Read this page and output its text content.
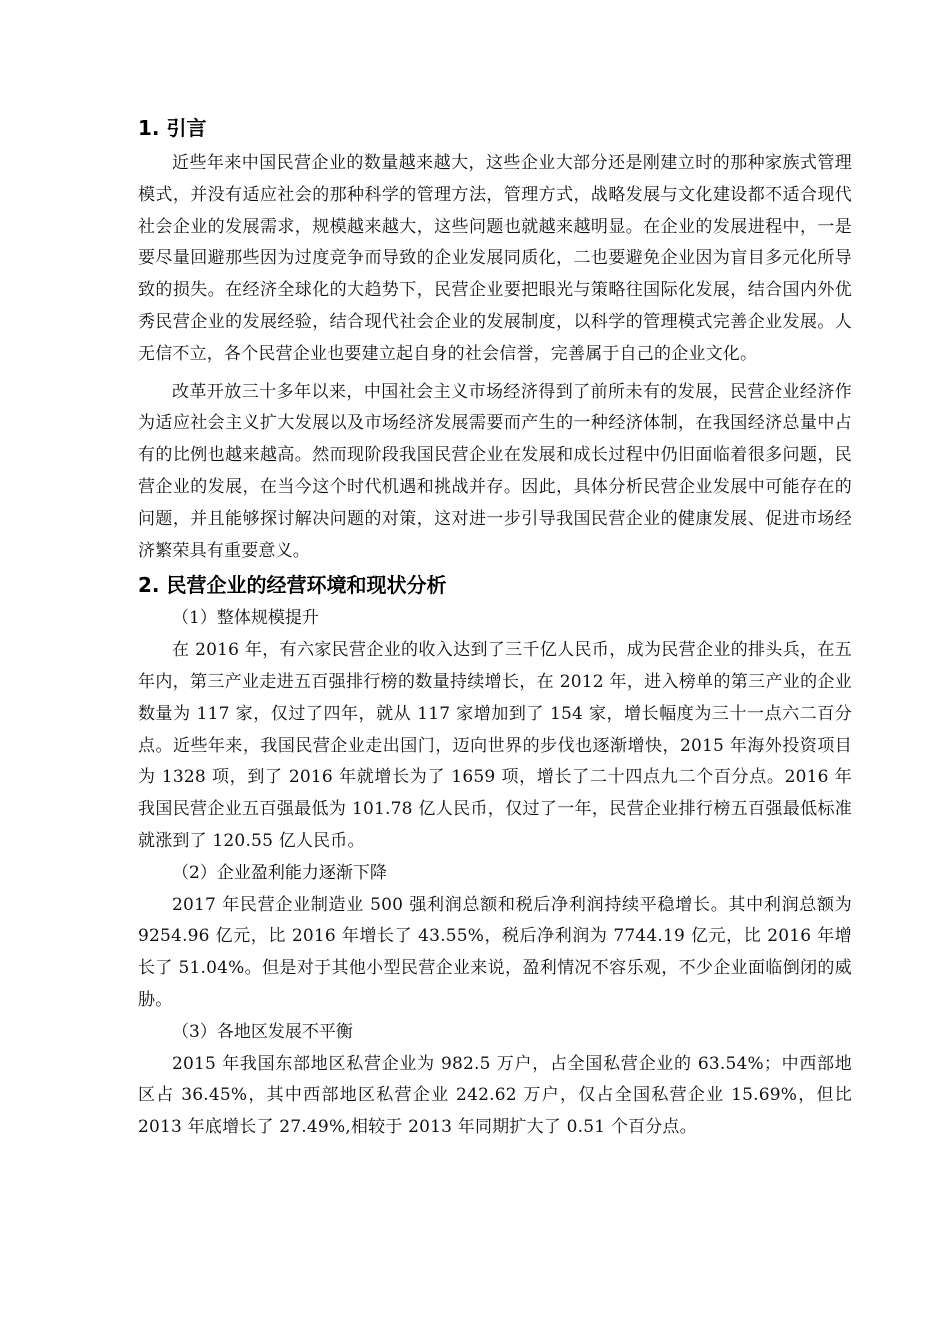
1. 引言

近些年来中国民营企业的数量越来越大，这些企业大部分还是刚建立时的那种家族式管理模式，并没有适应社会的那种科学的管理方法，管理方式，战略发展与文化建设都不适合现代社会企业的发展需求，规模越来越大，这些问题也就越来越明显。在企业的发展进程中，一是要尽量回避那些因为过度竞争而导致的企业发展同质化，二也要避免企业因为盲目多元化所导致的损失。在经济全球化的大趋势下，民营企业要把眼光与策略往国际化发展，结合国内外优秀民营企业的发展经验，结合现代社会企业的发展制度，以科学的管理模式完善企业发展。人无信不立，各个民营企业也要建立起自身的社会信誉，完善属于自己的企业文化。

改革开放三十多年以来，中国社会主义市场经济得到了前所未有的发展，民营企业经济作为适应社会主义扩大发展以及市场经济发展需要而产生的一种经济体制，在我国经济总量中占有的比例也越来越高。然而现阶段我国民营企业在发展和成长过程中仍旧面临着很多问题，民营企业的发展，在当今这个时代机遇和挑战并存。因此，具体分析民营企业发展中可能存在的问题，并且能够探讨解决问题的对策，这对进一步引导我国民营企业的健康发展、促进市场经济繁荣具有重要意义。

2. 民营企业的经营环境和现状分析

（1）整体规模提升

在 2016 年，有六家民营企业的收入达到了三千亿人民币，成为民营企业的排头兵，在五年内，第三产业走进五百强排行榜的数量持续增长，在 2012 年，进入榜单的第三产业的企业数量为 117 家，仅过了四年，就从 117 家增加到了 154 家，增长幅度为三十一点六二百分点。近些年来，我国民营企业走出国门，迈向世界的步伐也逐渐增快，2015 年海外投资项目为 1328 项，到了 2016 年就增长为了 1659 项，增长了二十四点九二个百分点。2016 年我国民营企业五百强最低为 101.78 亿人民币，仅过了一年，民营企业排行榜五百强最低标准就涨到了 120.55 亿人民币。

（2）企业盈利能力逐渐下降

2017 年民营企业制造业 500 强利润总额和税后净利润持续平稳增长。其中利润总额为 9254.96 亿元，比 2016 年增长了 43.55%，税后净利润为 7744.19 亿元，比 2016 年增长了 51.04%。但是对于其他小型民营企业来说，盈利情况不容乐观，不少企业面临倒闭的威胁。

（3）各地区发展不平衡

2015 年我国东部地区私营企业为 982.5 万户，占全国私营企业的 63.54%；中西部地区占 36.45%，其中西部地区私营企业 242.62 万户，仅占全国私营企业 15.69%，但比 2013 年底增长了 27.49%,相较于 2013 年同期扩大了 0.51 个百分点。
